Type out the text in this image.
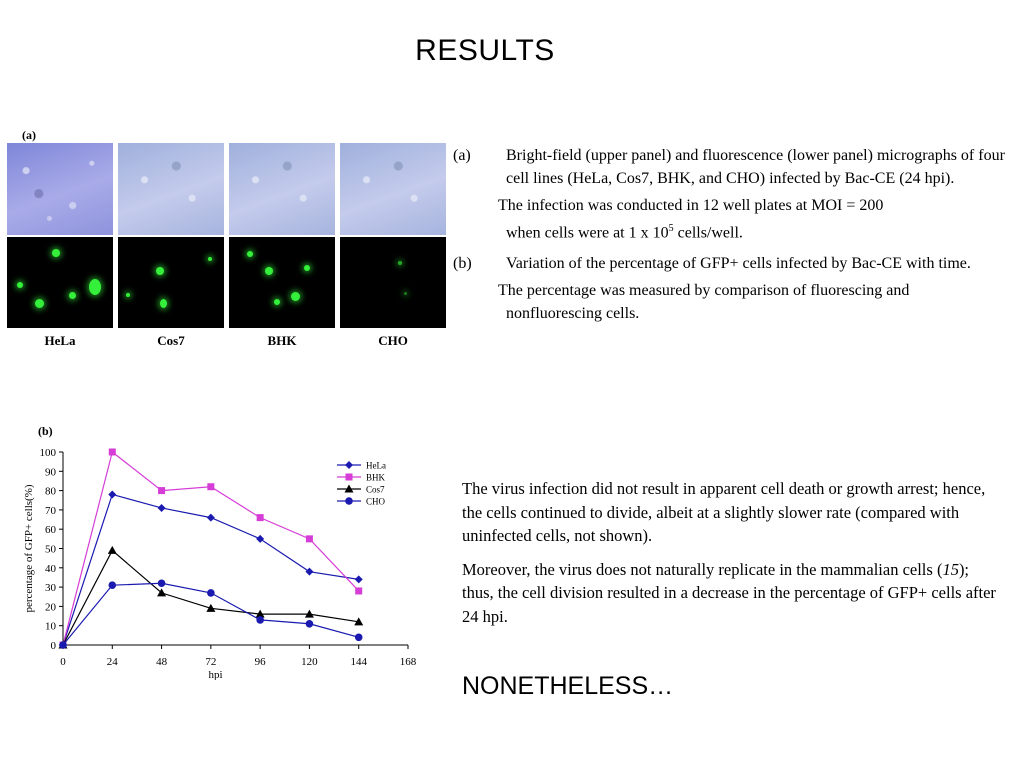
RESULTS
(a)
HeLa	Cos7	BHK	CHO
(a) Bright-field (upper panel) and fluorescence (lower panel) micrographs of four cell lines (HeLa, Cos7, BHK, and CHO) infected by Bac-CE (24 hpi).
The infection was conducted in 12 well plates at MOI = 200
when cells were at 1 x $10^5$ cells/well.
(b) Variation of the percentage of GFP+ cells infected by Bac-CE with time.
The percentage was measured by comparison of fluorescing and
nonfluorescing cells.
(b)
0
10
20
30
40
50
60
70
80
90
100
0	24	48	72	96	120	144	168
hpi
percentage of GFP+ cells(%)
HeLa
BHK
Cos7
CHO

The virus infection did not result in apparent cell death or growth arrest; hence, the cells continued to divide, albeit at a slightly slower rate (compared with uninfected cells, not shown).

Moreover, the virus does not naturally replicate in the mammalian cells (15); thus, the cell division resulted in a decrease in the percentage of GFP+ cells after 24 hpi.

NONETHELESS…
